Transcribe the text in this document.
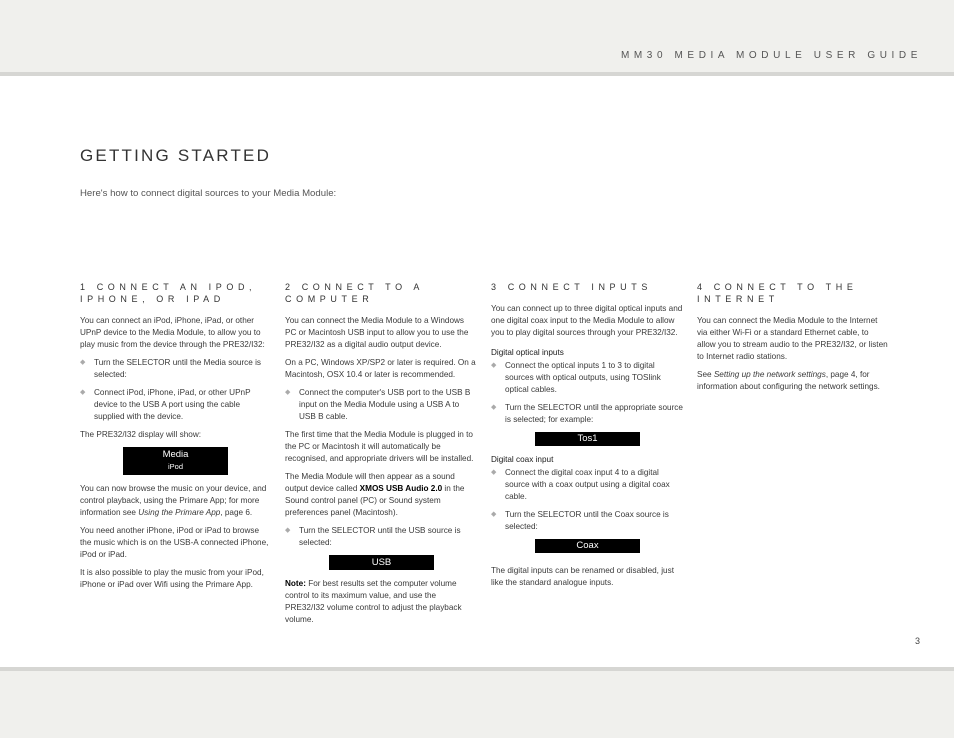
MM30 MEDIA MODULE USER GUIDE
GETTING STARTED

Here's how to connect digital sources to your Media Module:

1 CONNECT AN IPOD, IPHONE, OR IPAD

You can connect an iPod, iPhone, iPad, or other UPnP device to the Media Module, to allow you to play music from the device through the PRE32/I32:

◆ Turn the SELECTOR until the Media source is selected:
◆ Connect iPod, iPhone, iPad, or other UPnP device to the USB A port using the cable supplied with the device.

The PRE32/I32 display will show:

Media
iPod

You can now browse the music on your device, and control playback, using the Primare App; for more information see Using the Primare App, page 6.

You need another iPhone, iPod or iPad to browse the music which is on the USB-A connected iPhone, iPod or iPad.

It is also possible to play the music from your iPod, iPhone or iPad over Wifi using the Primare App.

2 CONNECT TO A COMPUTER

You can connect the Media Module to a Windows PC or Macintosh USB input to allow you to use the PRE32/I32 as a digital audio output device.

On a PC, Windows XP/SP2 or later is required. On a Macintosh, OSX 10.4 or later is recommended.

◆ Connect the computer's USB port to the USB B input on the Media Module using a USB A to USB B cable.

The first time that the Media Module is plugged in to the PC or Macintosh it will automatically be recognised, and appropriate drivers will be installed.

The Media Module will then appear as a sound output device called XMOS USB Audio 2.0 in the Sound control panel (PC) or Sound system preferences panel (Macintosh).

◆ Turn the SELECTOR until the USB source is selected:
USB

Note: For best results set the computer volume control to its maximum value, and use the PRE32/I32 volume control to adjust the playback volume.

3 CONNECT INPUTS

You can connect up to three digital optical inputs and one digital coax input to the Media Module to allow you to play digital sources through your PRE32/I32.

Digital optical inputs
◆ Connect the optical inputs 1 to 3 to digital sources with optical outputs, using TOSlink optical cables.
◆ Turn the SELECTOR until the appropriate source is selected; for example:
Tos1
Digital coax input
◆ Connect the digital coax input 4 to a digital source with a coax output using a digital coax cable.
◆ Turn the SELECTOR until the Coax source is selected:
Coax

The digital inputs can be renamed or disabled, just like the standard analogue inputs.

4 CONNECT TO THE INTERNET

You can connect the Media Module to the Internet via either Wi-Fi or a standard Ethernet cable, to allow you to stream audio to the PRE32/I32, or listen to Internet radio stations.

See Setting up the network settings, page 4, for information about configuring the network settings.

3
